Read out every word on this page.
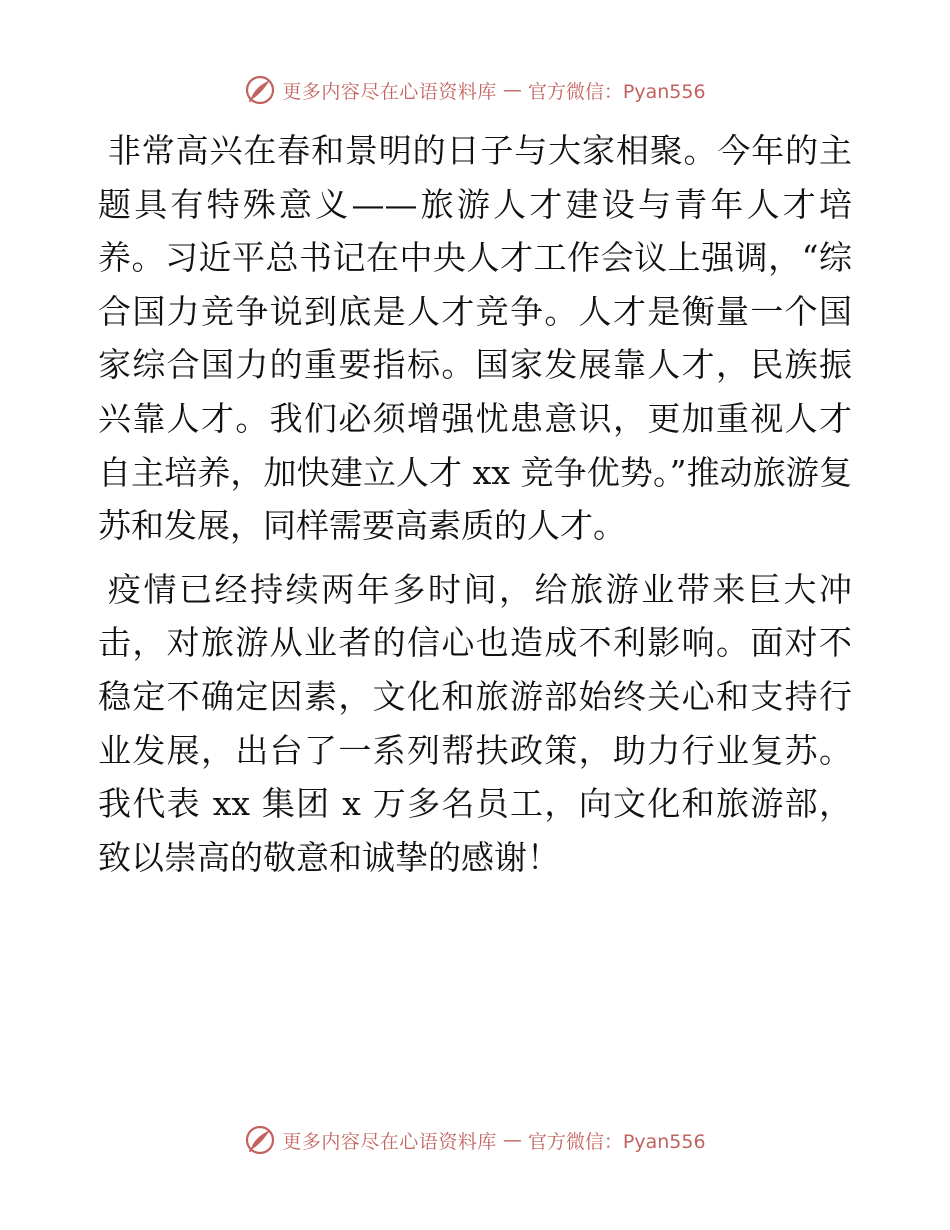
更多内容尽在心语资料库 — 官方微信：Pyan556

非常高兴在春和景明的日子与大家相聚。今年的主题具有特殊意义——旅游人才建设与青年人才培养。习近平总书记在中央人才工作会议上强调，“综合国力竞争说到底是人才竞争。人才是衡量一个国家综合国力的重要指标。国家发展靠人才，民族振兴靠人才。我们必须增强忧患意识，更加重视人才自主培养，加快建立人才 xx 竞争优势。”推动旅游复苏和发展，同样需要高素质的人才。

疫情已经持续两年多时间，给旅游业带来巨大冲击，对旅游从业者的信心也造成不利影响。面对不稳定不确定因素，文化和旅游部始终关心和支持行业发展，出台了一系列帮扶政策，助力行业复苏。我代表 xx 集团 x 万多名员工，向文化和旅游部，致以崇高的敬意和诚挚的感谢！

更多内容尽在心语资料库 — 官方微信：Pyan556
